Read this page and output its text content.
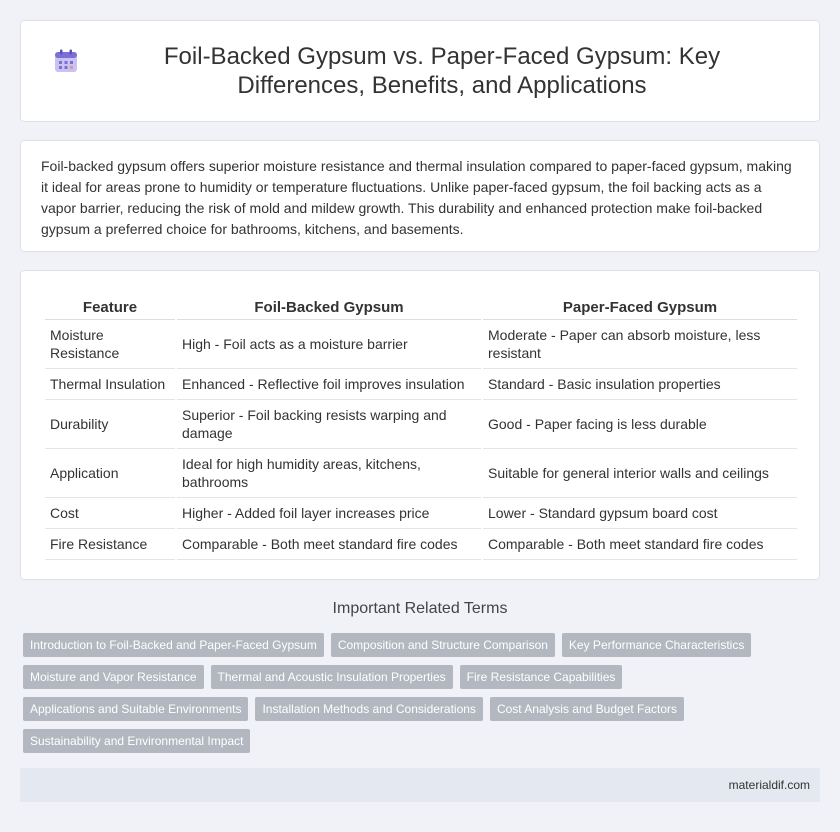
Foil-Backed Gypsum vs. Paper-Faced Gypsum: Key Differences, Benefits, and Applications

Foil-backed gypsum offers superior moisture resistance and thermal insulation compared to paper-faced gypsum, making it ideal for areas prone to humidity or temperature fluctuations. Unlike paper-faced gypsum, the foil backing acts as a vapor barrier, reducing the risk of mold and mildew growth. This durability and enhanced protection make foil-backed gypsum a preferred choice for bathrooms, kitchens, and basements.

Feature	Foil-Backed Gypsum	Paper-Faced Gypsum
Moisture Resistance	High - Foil acts as a moisture barrier	Moderate - Paper can absorb moisture, less resistant
Thermal Insulation	Enhanced - Reflective foil improves insulation	Standard - Basic insulation properties
Durability	Superior - Foil backing resists warping and damage	Good - Paper facing is less durable
Application	Ideal for high humidity areas, kitchens, bathrooms	Suitable for general interior walls and ceilings
Cost	Higher - Added foil layer increases price	Lower - Standard gypsum board cost
Fire Resistance	Comparable - Both meet standard fire codes	Comparable - Both meet standard fire codes
Important Related Terms
Introduction to Foil-Backed and Paper-Faced Gypsum	Composition and Structure Comparison	Key Performance Characteristics
Moisture and Vapor Resistance	Thermal and Acoustic Insulation Properties	Fire Resistance Capabilities
Applications and Suitable Environments	Installation Methods and Considerations	Cost Analysis and Budget Factors
Sustainability and Environmental Impact
materialdif.com
